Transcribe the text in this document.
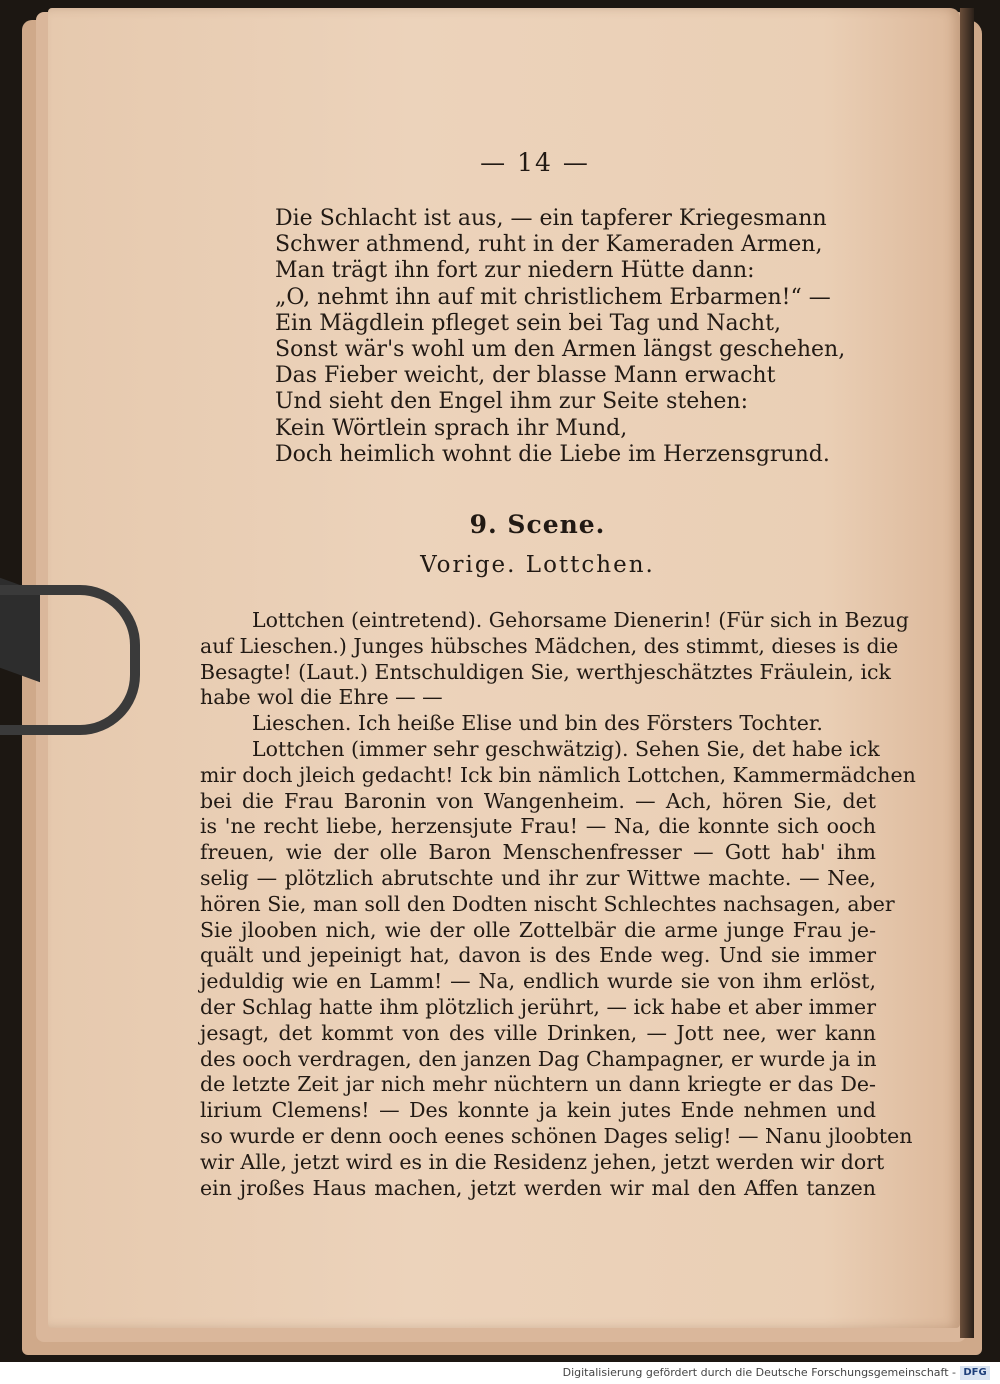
— 14 —
Die Schlacht ist aus, — ein tapferer Kriegesmann
Schwer athmend, ruht in der Kameraden Armen,
Man trägt ihn fort zur niedern Hütte dann:
„O, nehmt ihn auf mit christlichem Erbarmen!“ —
Ein Mägdlein pfleget sein bei Tag und Nacht,
Sonst wär's wohl um den Armen längst geschehen,
Das Fieber weicht, der blasse Mann erwacht
Und sieht den Engel ihm zur Seite stehen:
Kein Wörtlein sprach ihr Mund,
Doch heimlich wohnt die Liebe im Herzensgrund.
9. Scene.
Vorige. Lottchen.
Lottchen (eintretend). Gehorsame Dienerin! (Für sich in Bezug
auf Lieschen.) Junges hübsches Mädchen, des stimmt, dieses is die
Besagte! (Laut.) Entschuldigen Sie, werthjeschätztes Fräulein, ick
habe wol die Ehre — —
Lieschen. Ich heiße Elise und bin des Försters Tochter.
Lottchen (immer sehr geschwätzig). Sehen Sie, det habe ick
mir doch jleich gedacht! Ick bin nämlich Lottchen, Kammermädchen
bei die Frau Baronin von Wangenheim. — Ach, hören Sie, det
is 'ne recht liebe, herzensjute Frau! — Na, die konnte sich ooch
freuen, wie der olle Baron Menschenfresser — Gott hab' ihm
selig — plötzlich abrutschte und ihr zur Wittwe machte. — Nee,
hören Sie, man soll den Dodten nischt Schlechtes nachsagen, aber
Sie jlooben nich, wie der olle Zottelbär die arme junge Frau je-
quält und jepeinigt hat, davon is des Ende weg. Und sie immer
jeduldig wie en Lamm! — Na, endlich wurde sie von ihm erlöst,
der Schlag hatte ihm plötzlich jerührt, — ick habe et aber immer
jesagt, det kommt von des ville Drinken, — Jott nee, wer kann
des ooch verdragen, den janzen Dag Champagner, er wurde ja in
de letzte Zeit jar nich mehr nüchtern un dann kriegte er das De-
lirium Clemens! — Des konnte ja kein jutes Ende nehmen und
so wurde er denn ooch eenes schönen Dages selig! — Nanu jloobten
wir Alle, jetzt wird es in die Residenz jehen, jetzt werden wir dort
ein jroßes Haus machen, jetzt werden wir mal den Affen tanzen
Digitalisierung gefördert durch die Deutsche Forschungsgemeinschaft - DFG
